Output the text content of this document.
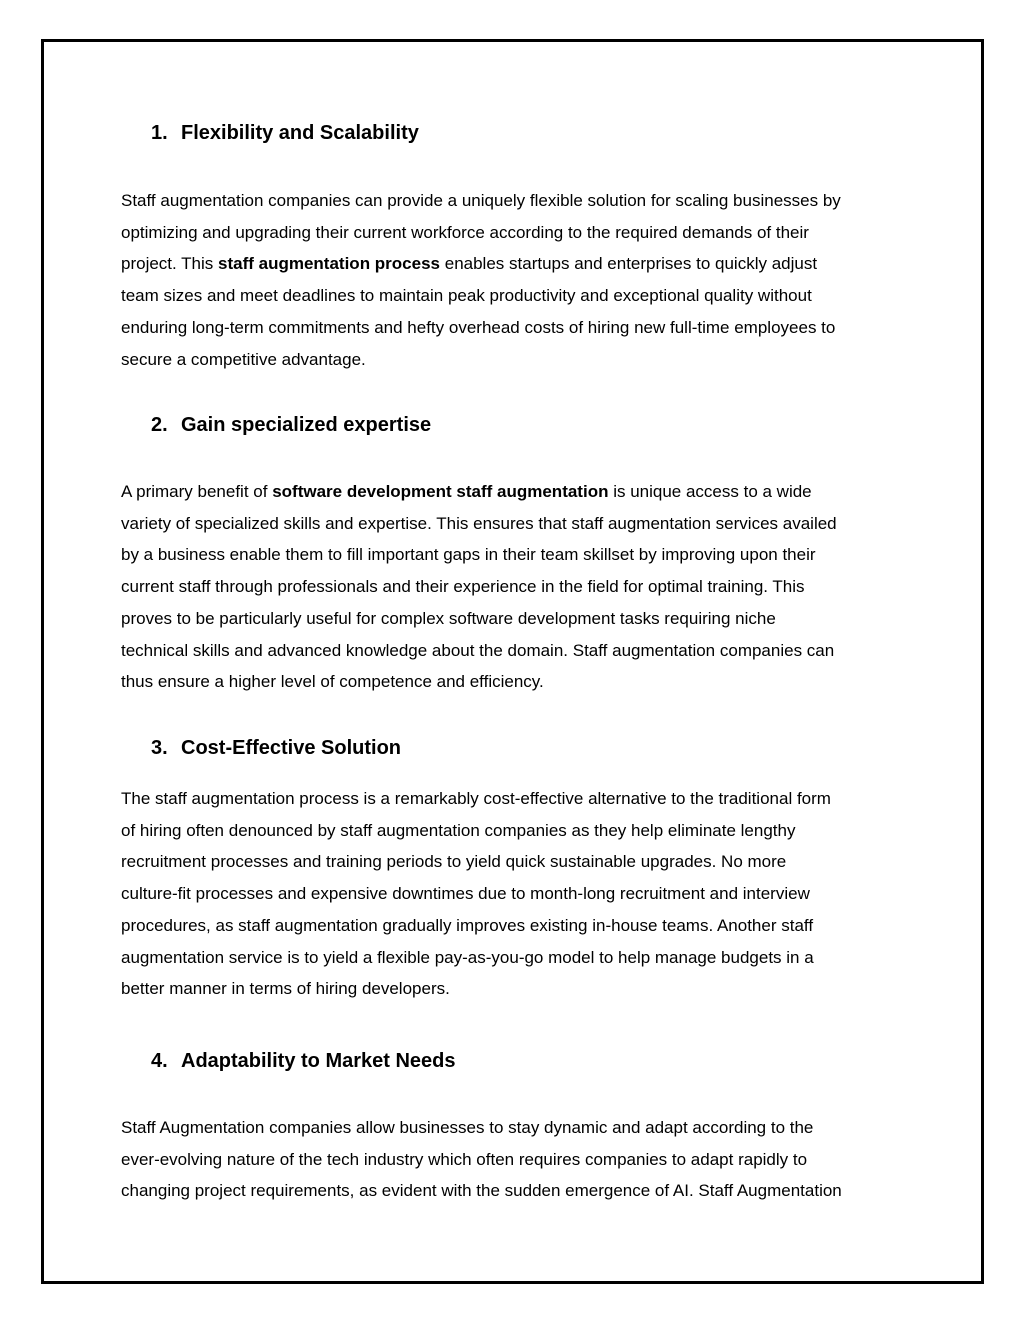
1. Flexibility and Scalability
Staff augmentation companies can provide a uniquely flexible solution for scaling businesses by
optimizing and upgrading their current workforce according to the required demands of their
project. This staff augmentation process enables startups and enterprises to quickly adjust
team sizes and meet deadlines to maintain peak productivity and exceptional quality without
enduring long-term commitments and hefty overhead costs of hiring new full-time employees to
secure a competitive advantage.
2. Gain specialized expertise
A primary benefit of software development staff augmentation is unique access to a wide
variety of specialized skills and expertise. This ensures that staff augmentation services availed
by a business enable them to fill important gaps in their team skillset by improving upon their
current staff through professionals and their experience in the field for optimal training. This
proves to be particularly useful for complex software development tasks requiring niche
technical skills and advanced knowledge about the domain. Staff augmentation companies can
thus ensure a higher level of competence and efficiency.
3. Cost-Effective Solution
The staff augmentation process is a remarkably cost-effective alternative to the traditional form
of hiring often denounced by staff augmentation companies as they help eliminate lengthy
recruitment processes and training periods to yield quick sustainable upgrades. No more
culture-fit processes and expensive downtimes due to month-long recruitment and interview
procedures, as staff augmentation gradually improves existing in-house teams. Another staff
augmentation service is to yield a flexible pay-as-you-go model to help manage budgets in a
better manner in terms of hiring developers.
4. Adaptability to Market Needs
Staff Augmentation companies allow businesses to stay dynamic and adapt according to the
ever-evolving nature of the tech industry which often requires companies to adapt rapidly to
changing project requirements, as evident with the sudden emergence of AI. Staff Augmentation
